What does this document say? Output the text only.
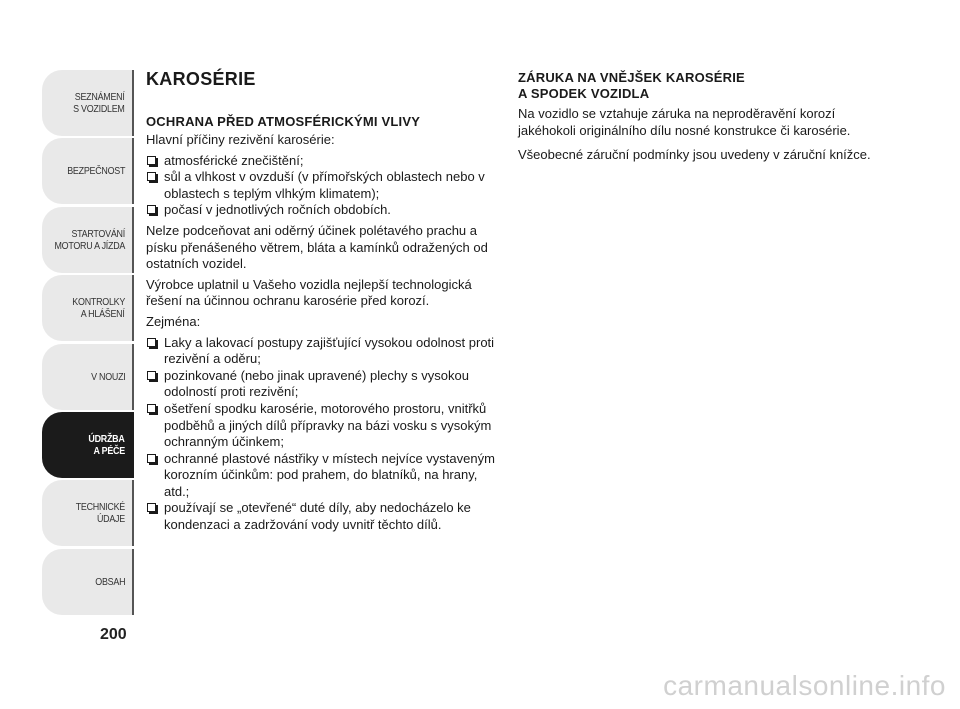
SEZNÁMENÍ
S VOZIDLEM
BEZPEČNOST
STARTOVÁNÍ
MOTORU A JÍZDA
KONTROLKY
A HLÁŠENÍ
V NOUZI
ÚDRŽBA
A PÉČE
TECHNICKÉ
ÚDAJE
OBSAH
200
KAROSÉRIE
OCHRANA PŘED ATMOSFÉRICKÝMI VLIVY

Hlavní příčiny rezivění karosérie:

atmosférické znečištění;
sůl a vlhkost v ovzduší (v přímořských oblastech nebo v oblastech s teplým vlhkým klimatem);
počasí v jednotlivých ročních obdobích.

Nelze podceňovat ani oděrný účinek polétavého prachu a písku přenášeného větrem, bláta a kamínků odražených od ostatních vozidel.

Výrobce uplatnil u Vašeho vozidla nejlepší technologická řešení na účinnou ochranu karosérie před korozí.

Zejména:

Laky a lakovací postupy zajišťující vysokou odolnost proti rezivění a oděru;
pozinkované (nebo jinak upravené) plechy s vysokou odolností proti rezivění;
ošetření spodku karosérie, motorového prostoru, vnitřků podběhů a jiných dílů přípravky na bázi vosku s vysokým ochranným účinkem;
ochranné plastové nástřiky v místech nejvíce vystaveným korozním účinkům: pod prahem, do blatníků, na hrany, atd.;
používají se „otevřené“ duté díly, aby nedocházelo ke kondenzaci a zadržování vody uvnitř těchto dílů.
ZÁRUKA NA VNĚJŠEK KAROSÉRIE
A SPODEK VOZIDLA

Na vozidlo se vztahuje záruka na neproděravění korozí jakéhokoli originálního dílu nosné konstrukce či karosérie.

Všeobecné záruční podmínky jsou uvedeny v záruční knížce.

carmanualsonline.info
